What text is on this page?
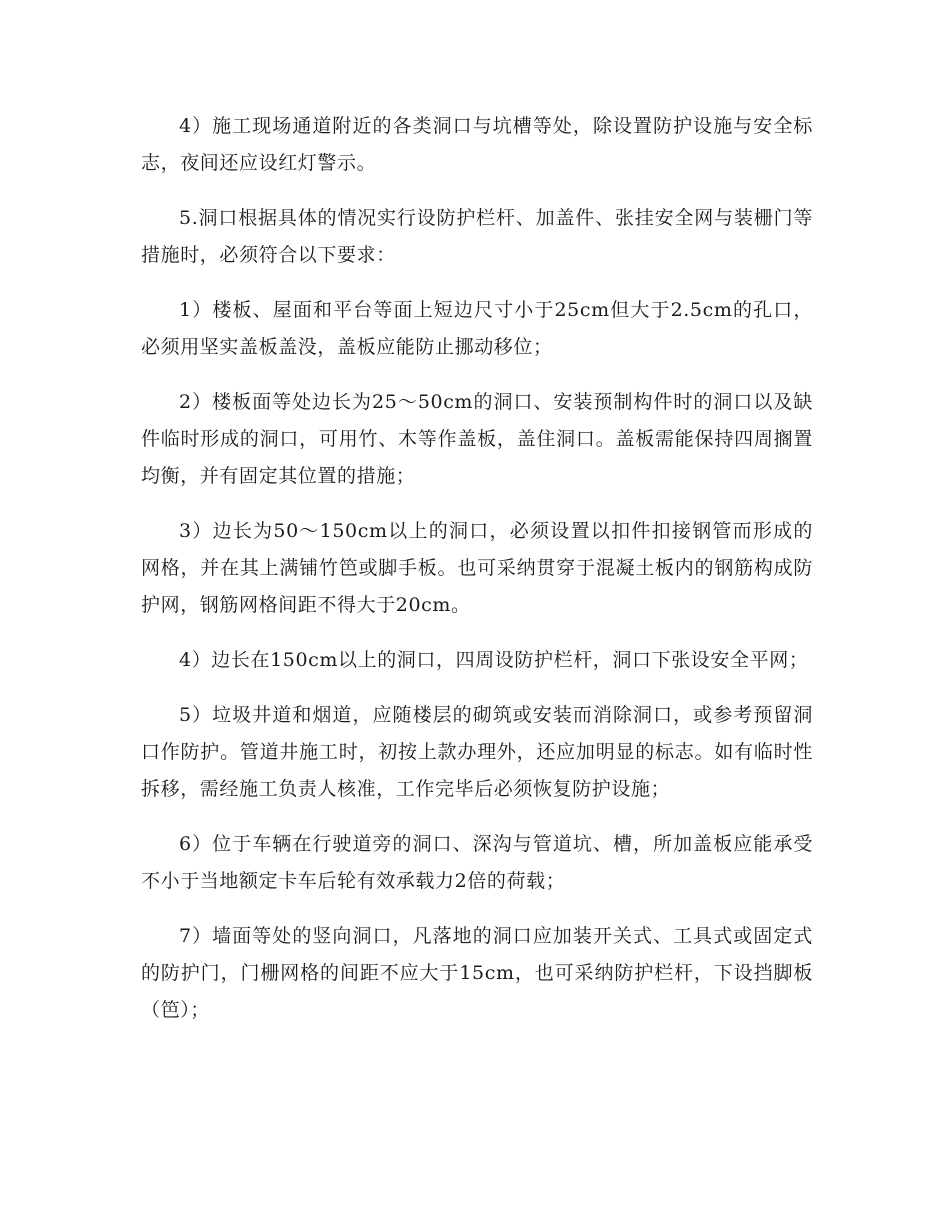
4）施工现场通道附近的各类洞口与坑槽等处，除设置防护设施与安全标志，夜间还应设红灯警示。

5.洞口根据具体的情况实行设防护栏杆、加盖件、张挂安全网与装栅门等措施时，必须符合以下要求：

1）楼板、屋面和平台等面上短边尺寸小于25cm但大于2.5cm的孔口，必须用坚实盖板盖没，盖板应能防止挪动移位；

2）楼板面等处边长为25～50cm的洞口、安装预制构件时的洞口以及缺件临时形成的洞口，可用竹、木等作盖板，盖住洞口。盖板需能保持四周搁置均衡，并有固定其位置的措施；

3）边长为50～150cm以上的洞口，必须设置以扣件扣接钢管而形成的网格，并在其上满铺竹笆或脚手板。也可采纳贯穿于混凝土板内的钢筋构成防护网，钢筋网格间距不得大于20cm。

4）边长在150cm以上的洞口，四周设防护栏杆，洞口下张设安全平网；

5）垃圾井道和烟道，应随楼层的砌筑或安装而消除洞口，或参考预留洞口作防护。管道井施工时，初按上款办理外，还应加明显的标志。如有临时性拆移，需经施工负责人核准，工作完毕后必须恢复防护设施；

6）位于车辆在行驶道旁的洞口、深沟与管道坑、槽，所加盖板应能承受不小于当地额定卡车后轮有效承载力2倍的荷载；

7）墙面等处的竖向洞口，凡落地的洞口应加装开关式、工具式或固定式的防护门，门栅网格的间距不应大于15cm，也可采纳防护栏杆，下设挡脚板（笆）；
